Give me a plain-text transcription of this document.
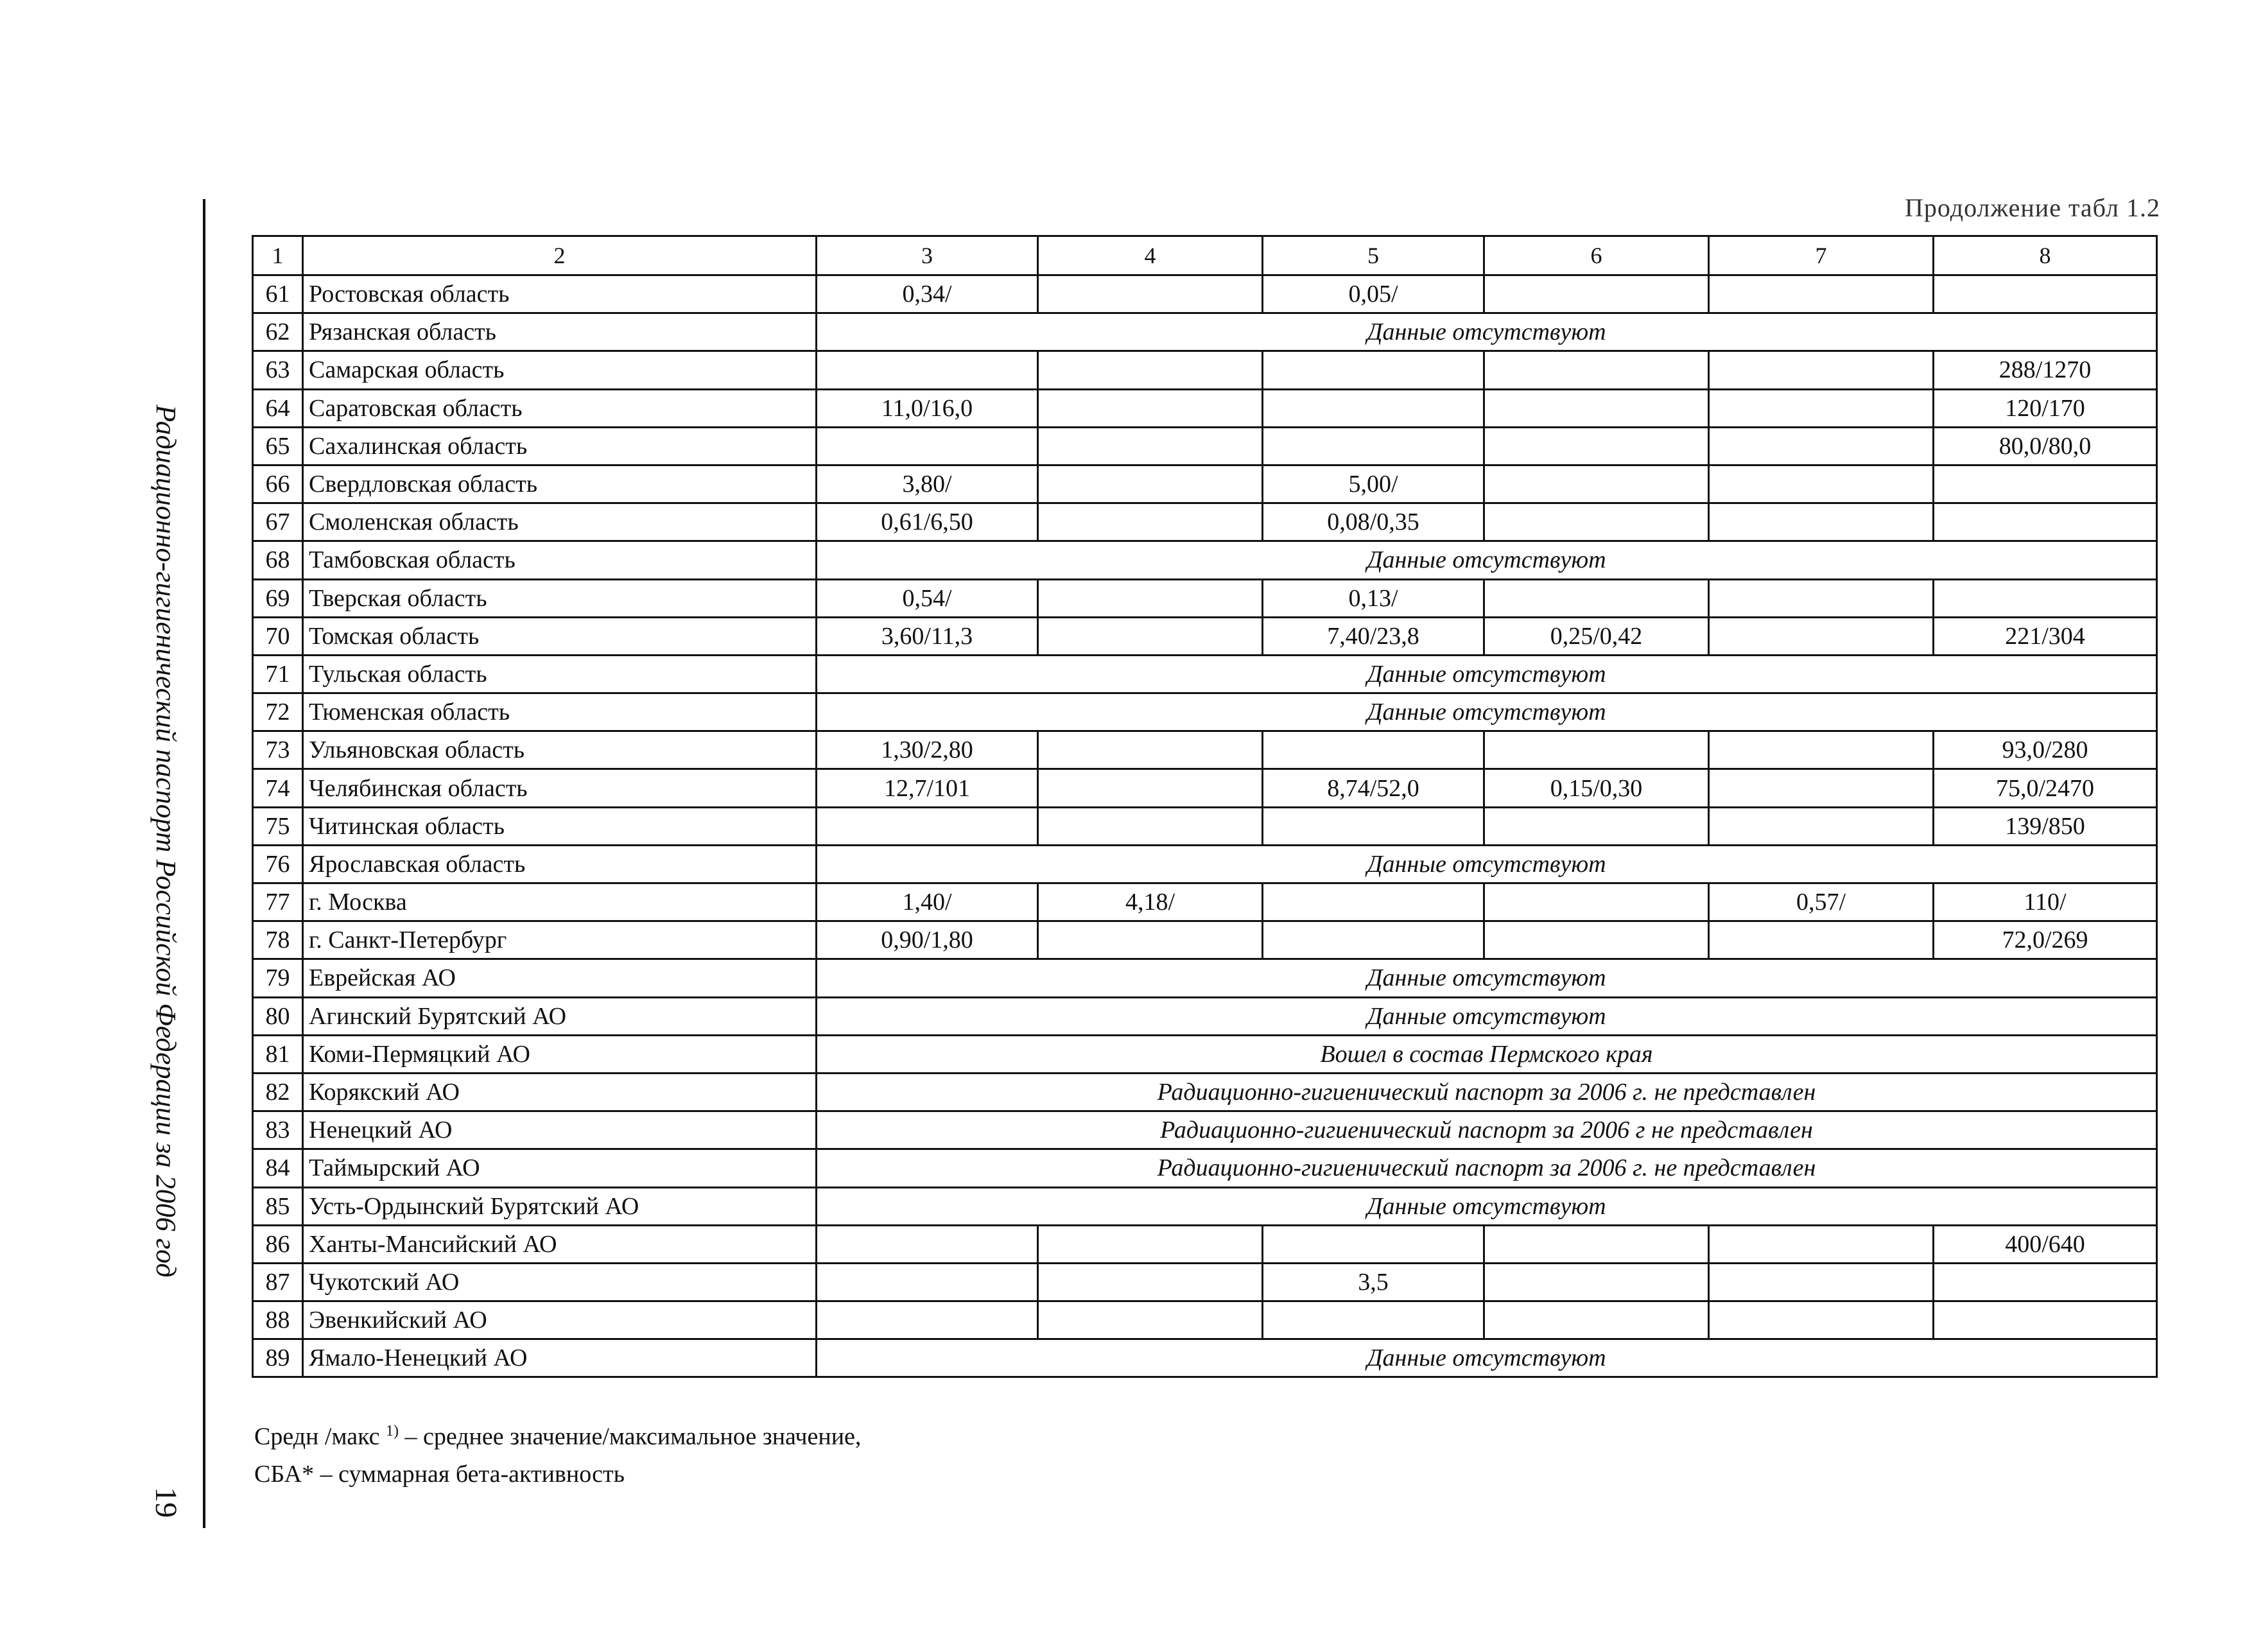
Радиационно-гигиенический паспорт Российской Федерации за 2006 год
19
Продолжение табл 1.2
1	2	3	4	5	6	7	8
61	Ростовская область	0,34/		0,05/			
62	Рязанская область	Данные отсутствуют					
63	Самарская область						288/1270
64	Саратовская область	11,0/16,0					120/170
65	Сахалинская область						80,0/80,0
66	Свердловская область	3,80/		5,00/			
67	Смоленская область	0,61/6,50		0,08/0,35			
68	Тамбовская область	Данные отсутствуют					
69	Тверская область	0,54/		0,13/			
70	Томская область	3,60/11,3		7,40/23,8	0,25/0,42		221/304
71	Тульская область	Данные отсутствуют					
72	Тюменская область	Данные отсутствуют					
73	Ульяновская область	1,30/2,80					93,0/280
74	Челябинская область	12,7/101		8,74/52,0	0,15/0,30		75,0/2470
75	Читинская область						139/850
76	Ярославская область	Данные отсутствуют					
77	г. Москва	1,40/	4,18/			0,57/	110/
78	г. Санкт-Петербург	0,90/1,80					72,0/269
79	Еврейская АО	Данные отсутствуют					
80	Агинский Бурятский АО	Данные отсутствуют					
81	Коми-Пермяцкий АО	Вошел в состав Пермского края					
82	Корякский АО	Радиационно-гигиенический паспорт за 2006 г. не представлен					
83	Ненецкий АО	Радиационно-гигиенический паспорт за 2006 г не представлен					
84	Таймырский АО	Радиационно-гигиенический паспорт за 2006 г. не представлен					
85	Усть-Ордынский Бурятский АО	Данные отсутствуют					
86	Ханты-Мансийский АО						400/640
87	Чукотский АО			3,5			
88	Эвенкийский АО						
89	Ямало-Ненецкий АО	Данные отсутствуют					
Средн /макс $^{1)}$ – среднее значение/максимальное значение,
СБА* – суммарная бета-активность
